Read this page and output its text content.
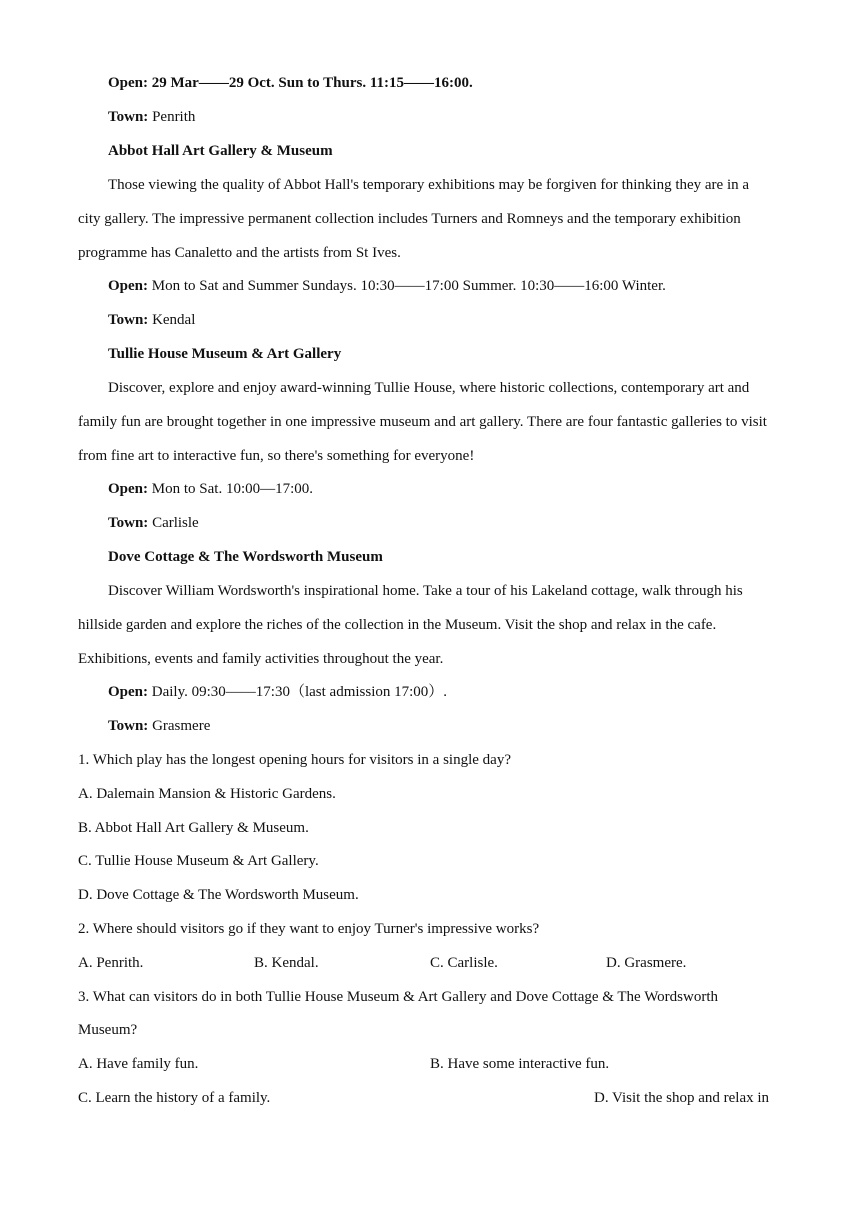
Open: 29 Mar——29 Oct. Sun to Thurs. 11:15——16:00.
Town: Penrith
Abbot Hall Art Gallery & Museum
Those viewing the quality of Abbot Hall's temporary exhibitions may be forgiven for thinking they are in a
city gallery. The impressive permanent collection includes Turners and Romneys and the temporary exhibition
programme has Canaletto and the artists from St Ives.
Open: Mon to Sat and Summer Sundays. 10:30——17:00 Summer. 10:30——16:00 Winter.
Town: Kendal
Tullie House Museum & Art Gallery
Discover, explore and enjoy award-winning Tullie House, where historic collections, contemporary art and
family fun are brought together in one impressive museum and art gallery. There are four fantastic galleries to visit
from fine art to interactive fun, so there's something for everyone!
Open: Mon to Sat. 10:00—17:00.
Town: Carlisle
Dove Cottage & The Wordsworth Museum
Discover William Wordsworth's inspirational home. Take a tour of his Lakeland cottage, walk through his
hillside garden and explore the riches of the collection in the Museum. Visit the shop and relax in the cafe.
Exhibitions, events and family activities throughout the year.
Open: Daily. 09:30——17:30（last admission 17:00）.
Town: Grasmere
1. Which play has the longest opening hours for visitors in a single day?
A. Dalemain Mansion & Historic Gardens.
B. Abbot Hall Art Gallery & Museum.
C. Tullie House Museum & Art Gallery.
D. Dove Cottage & The Wordsworth Museum.
2. Where should visitors go if they want to enjoy Turner's impressive works?
A. Penrith.	B. Kendal.	C. Carlisle.	D. Grasmere.
3. What can visitors do in both Tullie House Museum & Art Gallery and Dove Cottage & The Wordsworth
Museum?
A. Have family fun.	B. Have some interactive fun.
C. Learn the history of a family.	D. Visit the shop and relax in
